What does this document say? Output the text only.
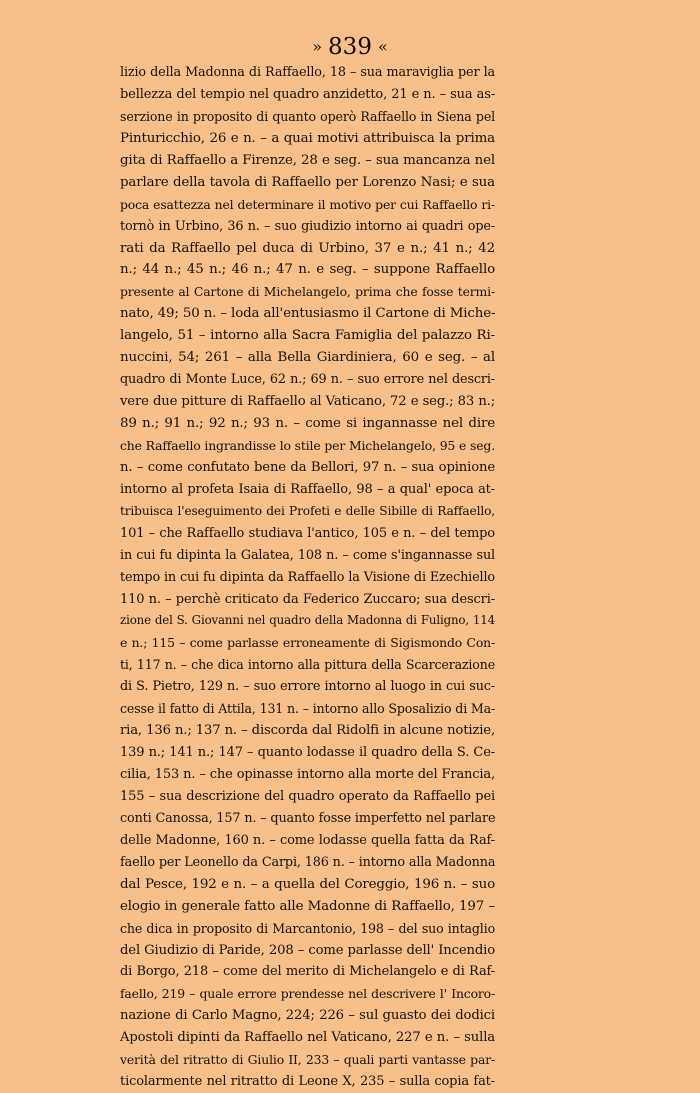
» 839 «
lizio della Madonna di Raffaello, 18 – sua maraviglia per la
bellezza del tempio nel quadro anzidetto, 21 e n. – sua as-
serzione in proposito di quanto operò Raffaello in Siena pel
Pinturicchio, 26 e n. – a quai motivi attribuisca la prima
gita di Raffaello a Firenze, 28 e seg. – sua mancanza nel
parlare della tavola di Raffaello per Lorenzo Nasi; e sua
poca esattezza nel determinare il motivo per cui Raffaello ri-
tornò in Urbino, 36 n. – suo giudizio intorno ai quadri ope-
rati da Raffaello pel duca di Urbino, 37 e n.; 41 n.; 42
n.; 44 n.; 45 n.; 46 n.; 47 n. e seg. – suppone Raffaello
presente al Cartone di Michelangelo, prima che fosse termi-
nato, 49; 50 n. – loda all'entusiasmo il Cartone di Miche-
langelo, 51 – intorno alla Sacra Famiglia del palazzo Ri-
nuccini, 54; 261 – alla Bella Giardiniera, 60 e seg. – al
quadro di Monte Luce, 62 n.; 69 n. – suo errore nel descri-
vere due pitture di Raffaello al Vaticano, 72 e seg.; 83 n.;
89 n.; 91 n.; 92 n.; 93 n. – come si ingannasse nel dire
che Raffaello ingrandisse lo stile per Michelangelo, 95 e seg.
n. – come confutato bene da Bellori, 97 n. – sua opinione
intorno al profeta Isaia di Raffaello, 98 – a qual' epoca at-
tribuisca l'eseguimento dei Profeti e delle Sibille di Raffaello,
101 – che Raffaello studiava l'antico, 105 e n. – del tempo
in cui fu dipinta la Galatea, 108 n. – come s'ingannasse sul
tempo in cui fu dipinta da Raffaello la Visione di Ezechiello
110 n. – perchè criticato da Federico Zuccaro; sua descri-
zione del S. Giovanni nel quadro della Madonna di Fuligno, 114
e n.; 115 – come parlasse erroneamente di Sigismondo Con-
ti, 117 n. – che dica intorno alla pittura della Scarcerazione
di S. Pietro, 129 n. – suo errore intorno al luogo in cui suc-
cesse il fatto di Attila, 131 n. – intorno allo Sposalizio di Ma-
ria, 136 n.; 137 n. – discorda dal Ridolfi in alcune notizie,
139 n.; 141 n.; 147 – quanto lodasse il quadro della S. Ce-
cilia, 153 n. – che opinasse intorno alla morte del Francia,
155 – sua descrizione del quadro operato da Raffaello pei
conti Canossa, 157 n. – quanto fosse imperfetto nel parlare
delle Madonne, 160 n. – come lodasse quella fatta da Raf-
faello per Leonello da Carpi, 186 n. – intorno alla Madonna
dal Pesce, 192 e n. – a quella del Coreggio, 196 n. – suo
elogio in generale fatto alle Madonne di Raffaello, 197 –
che dica in proposito di Marcantonio, 198 – del suo intaglio
del Giudizio di Paride, 208 – come parlasse dell' Incendio
di Borgo, 218 – come del merito di Michelangelo e di Raf-
faello, 219 – quale errore prendesse nel descrivere l' Incoro-
nazione di Carlo Magno, 224; 226 – sul guasto dei dodici
Apostoli dipinti da Raffaello nel Vaticano, 227 e n. – sulla
verità del ritratto di Giulio II, 233 – quali parti vantasse par-
ticolarmente nel ritratto di Leone X, 235 – sulla copia fat-
